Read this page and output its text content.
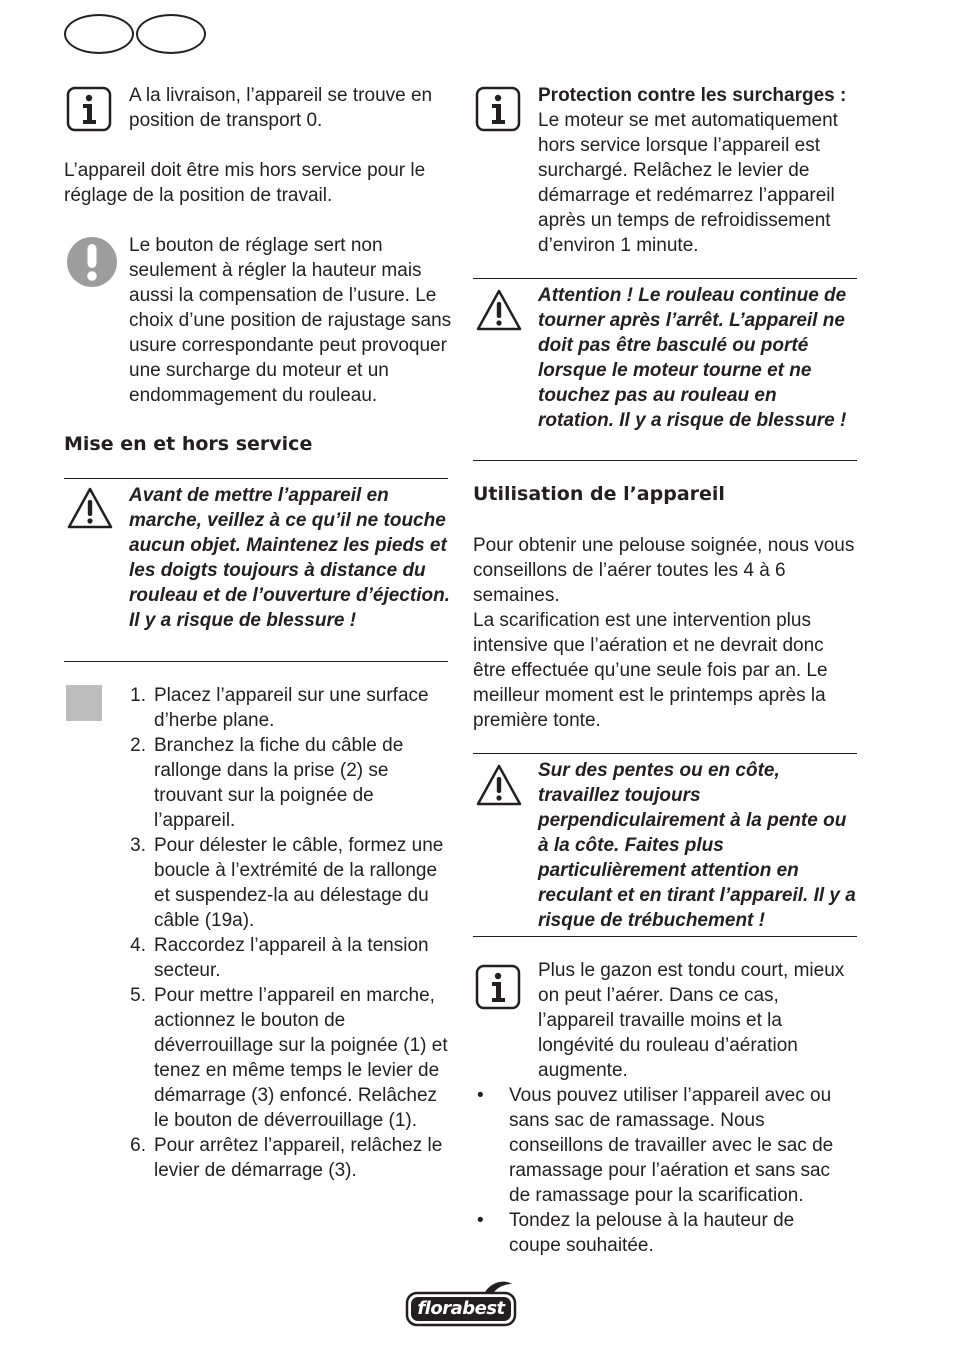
A la livraison, l’appareil se trouve en position de transport 0.
L’appareil doit être mis hors service pour le réglage de la position de travail.
Le bouton de réglage sert non seulement à régler la hauteur mais aussi la compensation de l’usure. Le choix d’une position de rajustage sans usure correspondante peut provoquer une surcharge du moteur et un endommagement du rouleau.
Mise en et hors service
Avant de mettre l’appareil en marche, veillez à ce qu’il ne touche aucun objet. Maintenez les pieds et les doigts toujours à distance du rouleau et de l’ouverture d’éjection. Il y a risque de blessure !
1. Placez l’appareil sur une surface d’herbe plane.
2. Branchez la fiche du câble de rallonge dans la prise (2) se trouvant sur la poignée de l’appareil.
3. Pour délester le câble, formez une boucle à l’extrémité de la rallonge et suspendez-la au délestage du câble (19a).
4. Raccordez l’appareil à la tension secteur.
5. Pour mettre l’appareil en marche, actionnez le bouton de déverrouillage sur la poignée (1) et tenez en même temps le levier de démarrage (3) enfoncé. Relâchez le bouton de déverrouillage (1).
6. Pour arrêtez l’appareil, relâchez le levier de démarrage (3).
Protection contre les surcharges : Le moteur se met automatiquement hors service lorsque l’appareil est surchargé. Relâchez le levier de démarrage et redémarrez l’appareil après un temps de refroidissement d’environ 1 minute.
Attention ! Le rouleau continue de tourner après l’arrêt. L’appareil ne doit pas être basculé ou porté lorsque le moteur tourne et ne touchez pas au rouleau en rotation. Il y a risque de blessure !
Utilisation de l’appareil
Pour obtenir une pelouse soignée, nous vous conseillons de l’aérer toutes les 4 à 6 semaines.
La scarification est une intervention plus intensive que l’aération et ne devrait donc être effectuée qu’une seule fois par an. Le meilleur moment est le printemps après la première tonte.
Sur des pentes ou en côte, travaillez toujours perpendiculairement à la pente ou à la côte. Faites plus particulièrement attention en reculant et en tirant l’appareil. Il y a risque de trébuchement !
Plus le gazon est tondu court, mieux on peut l’aérer. Dans ce cas, l’appareil travaille moins et la longévité du rouleau d’aération augmente.
• Vous pouvez utiliser l’appareil avec ou sans sac de ramassage. Nous conseillons de travailler avec le sac de ramassage pour l’aération et sans sac de ramassage pour la scarification.
• Tondez la pelouse à la hauteur de coupe souhaitée.
florabest
